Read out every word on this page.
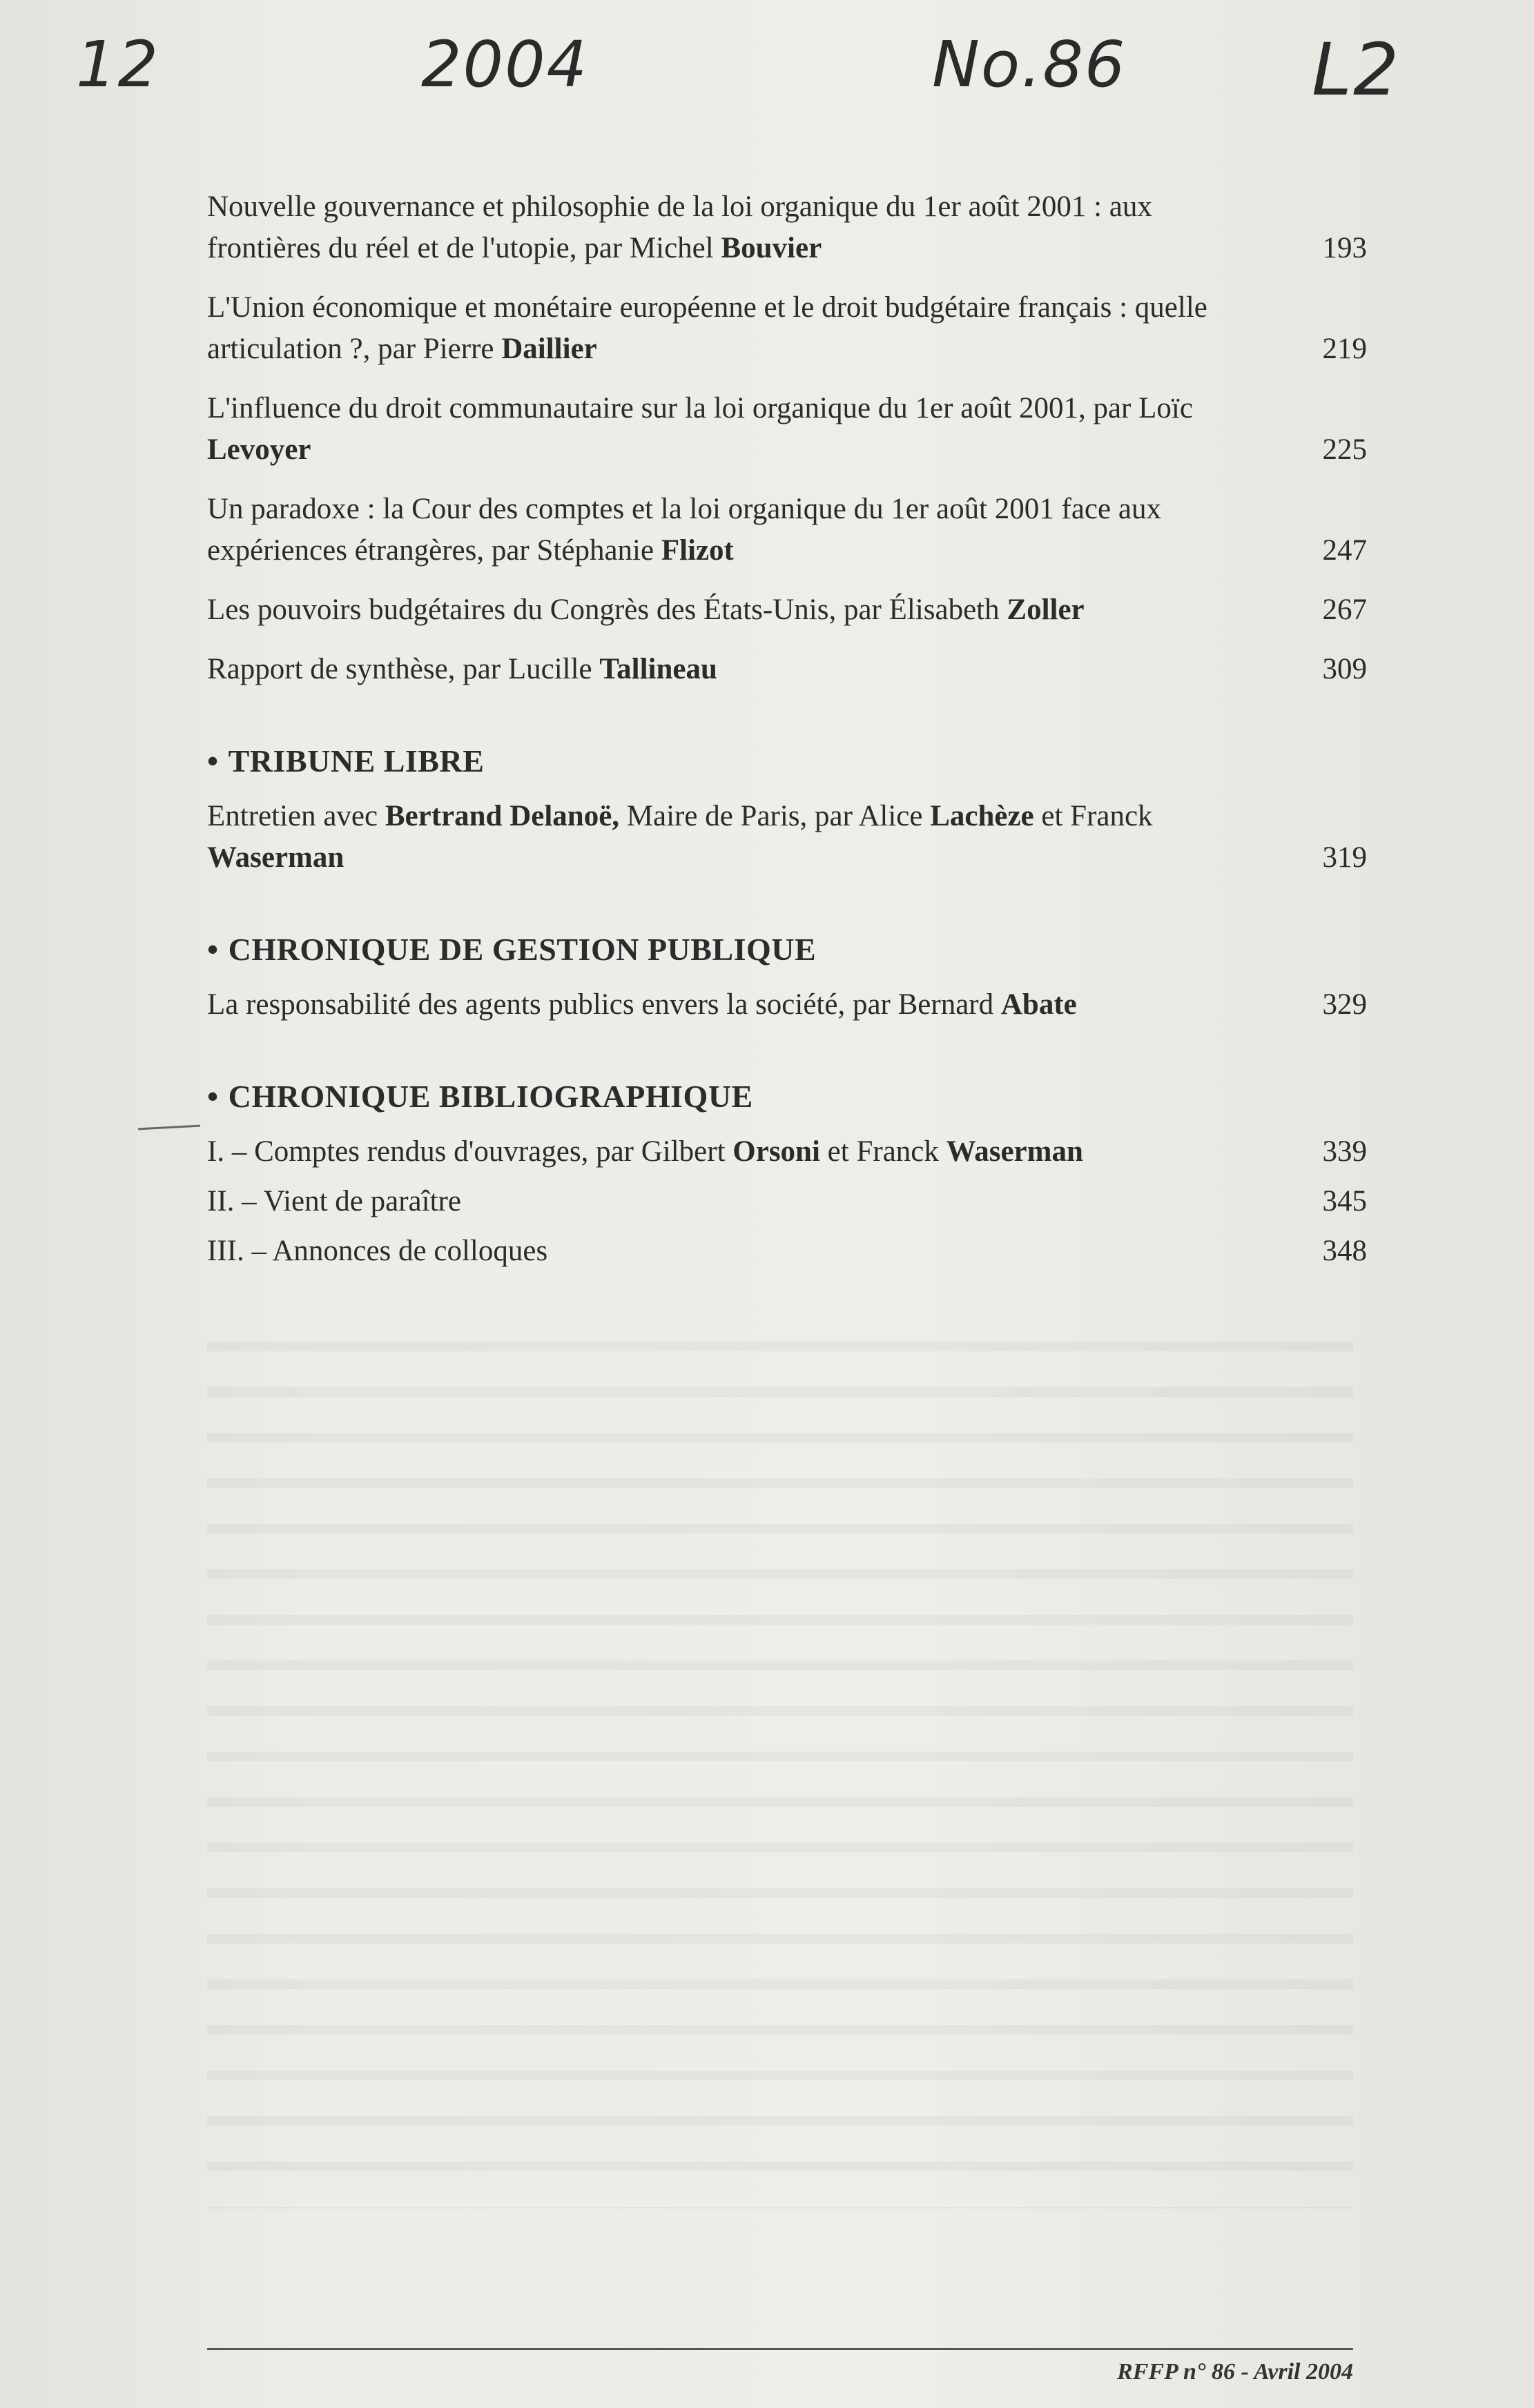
12	2004	No.86	L2
Nouvelle gouvernance et philosophie de la loi organique du 1er août 2001 : aux frontières du réel et de l'utopie, par Michel Bouvier	193
L'Union économique et monétaire européenne et le droit budgétaire français : quelle articulation ?, par Pierre Daillier	219
L'influence du droit communautaire sur la loi organique du 1er août 2001, par Loïc Levoyer	225
Un paradoxe : la Cour des comptes et la loi organique du 1er août 2001 face aux expériences étrangères, par Stéphanie Flizot	247
Les pouvoirs budgétaires du Congrès des États-Unis, par Élisabeth Zoller	267
Rapport de synthèse, par Lucille Tallineau	309
• TRIBUNE LIBRE
Entretien avec Bertrand Delanoë, Maire de Paris, par Alice Lachèze et Franck Waserman	319
• CHRONIQUE DE GESTION PUBLIQUE
La responsabilité des agents publics envers la société, par Bernard Abate	329
• CHRONIQUE BIBLIOGRAPHIQUE
I. – Comptes rendus d'ouvrages, par Gilbert Orsoni et Franck Waserman	339
II. – Vient de paraître	345
III. – Annonces de colloques	348
RFFP n° 86 - Avril 2004
